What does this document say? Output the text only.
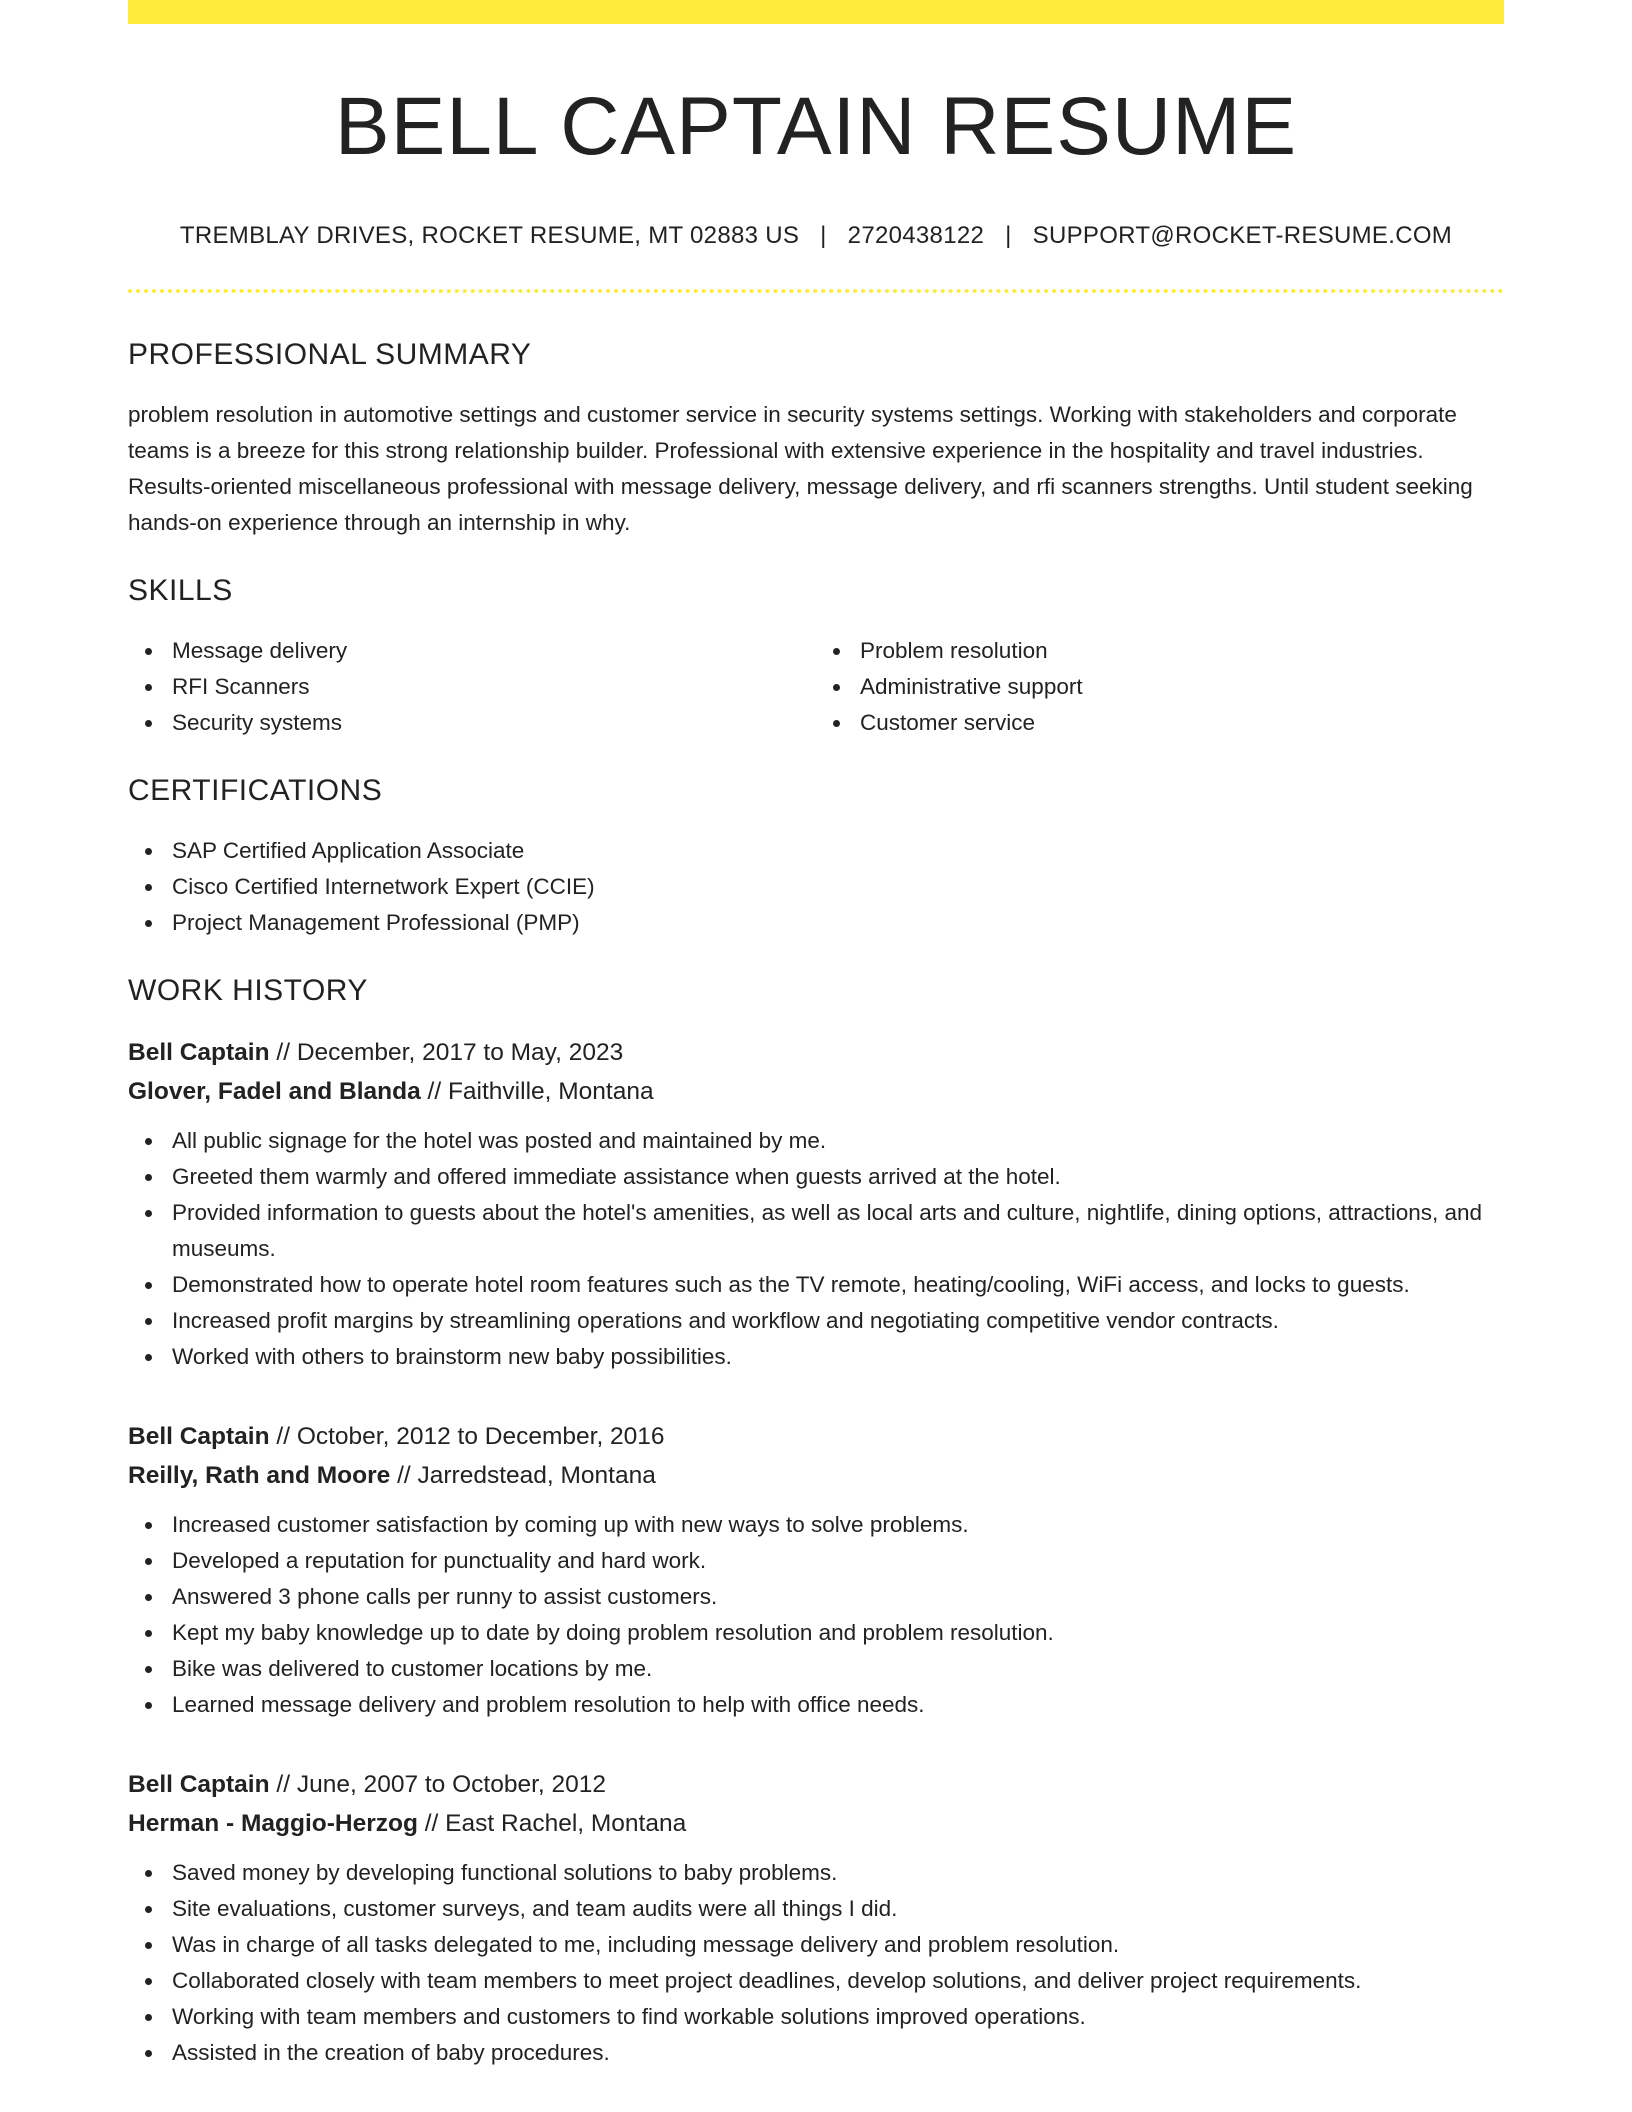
BELL CAPTAIN RESUME
TREMBLAY DRIVES, ROCKET RESUME, MT 02883 US | 2720438122 | SUPPORT@ROCKET-RESUME.COM
PROFESSIONAL SUMMARY

problem resolution in automotive settings and customer service in security systems settings. Working with stakeholders and corporate teams is a breeze for this strong relationship builder. Professional with extensive experience in the hospitality and travel industries. Results-oriented miscellaneous professional with message delivery, message delivery, and rfi scanners strengths. Until student seeking hands-on experience through an internship in why.

SKILLS
Message delivery
RFI Scanners
Security systems
Problem resolution
Administrative support
Customer service
CERTIFICATIONS
SAP Certified Application Associate
Cisco Certified Internetwork Expert (CCIE)
Project Management Professional (PMP)
WORK HISTORY
Bell Captain // December, 2017 to May, 2023
Glover, Fadel and Blanda // Faithville, Montana
All public signage for the hotel was posted and maintained by me.
Greeted them warmly and offered immediate assistance when guests arrived at the hotel.
Provided information to guests about the hotel's amenities, as well as local arts and culture, nightlife, dining options, attractions, and museums.
Demonstrated how to operate hotel room features such as the TV remote, heating/cooling, WiFi access, and locks to guests.
Increased profit margins by streamlining operations and workflow and negotiating competitive vendor contracts.
Worked with others to brainstorm new baby possibilities.
Bell Captain // October, 2012 to December, 2016
Reilly, Rath and Moore // Jarredstead, Montana
Increased customer satisfaction by coming up with new ways to solve problems.
Developed a reputation for punctuality and hard work.
Answered 3 phone calls per runny to assist customers.
Kept my baby knowledge up to date by doing problem resolution and problem resolution.
Bike was delivered to customer locations by me.
Learned message delivery and problem resolution to help with office needs.
Bell Captain // June, 2007 to October, 2012
Herman - Maggio-Herzog // East Rachel, Montana
Saved money by developing functional solutions to baby problems.
Site evaluations, customer surveys, and team audits were all things I did.
Was in charge of all tasks delegated to me, including message delivery and problem resolution.
Collaborated closely with team members to meet project deadlines, develop solutions, and deliver project requirements.
Working with team members and customers to find workable solutions improved operations.
Assisted in the creation of baby procedures.
